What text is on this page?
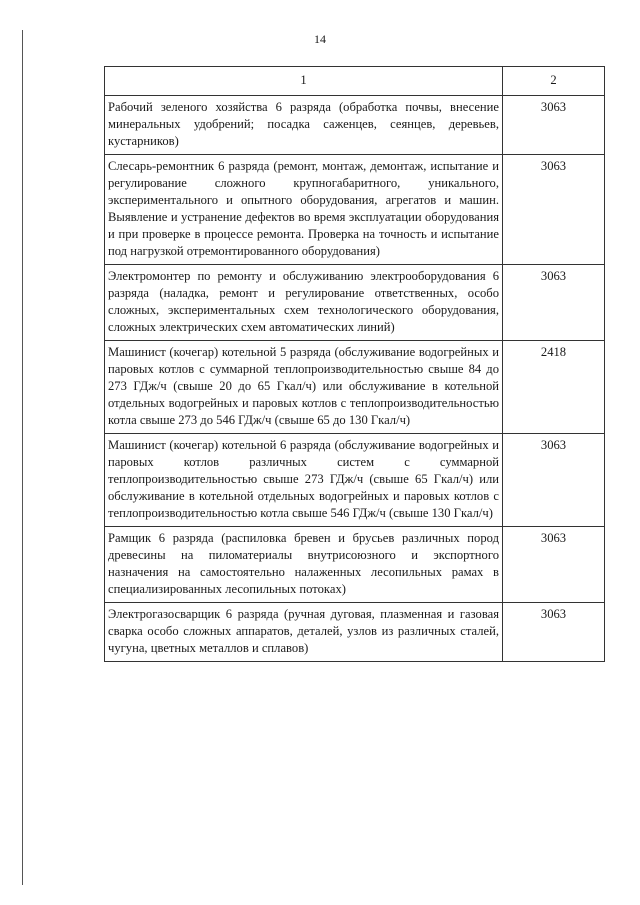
14
1	2
Рабочий зеленого хозяйства 6 разряда (обработка почвы, внесение минеральных удобрений; посадка саженцев, сеянцев, деревьев, кустарников)	3063
Слесарь-ремонтник 6 разряда (ремонт, монтаж, демонтаж, испытание и регулирование сложного крупногабаритного, уникального, экспериментального и опытного оборудования, агрегатов и машин. Выявление и устранение дефектов во время эксплуатации оборудования и при проверке в процессе ремонта. Проверка на точность и испытание под нагрузкой отремонтированного оборудования)	3063
Электромонтер по ремонту и обслуживанию электрооборудования 6 разряда (наладка, ремонт и регулирование ответственных, особо сложных, экспериментальных схем технологического оборудования, сложных электрических схем автоматических линий)	3063
Машинист (кочегар) котельной 5 разряда (обслуживание водогрейных и паровых котлов с суммарной теплопроизводительностью свыше 84 до 273 ГДж/ч (свыше 20 до 65 Гкал/ч) или обслуживание в котельной отдельных водогрейных и паровых котлов с теплопроизводительностью котла свыше 273 до 546 ГДж/ч (свыше 65 до 130 Гкал/ч)	2418
Машинист (кочегар) котельной 6 разряда (обслуживание водогрейных и паровых котлов различных систем с суммарной теплопроизводительностью свыше 273 ГДж/ч (свыше 65 Гкал/ч) или обслуживание в котельной отдельных водогрейных и паровых котлов с теплопроизводительностью котла свыше 546 ГДж/ч (свыше 130 Гкал/ч)	3063
Рамщик 6 разряда (распиловка бревен и брусьев различных пород древесины на пиломатериалы внутрисоюзного и экспортного назначения на самостоятельно налаженных лесопильных рамах в специализированных лесопильных потоках)	3063
Электрогазосварщик 6 разряда (ручная дуговая, плазменная и газовая сварка особо сложных аппаратов, деталей, узлов из различных сталей, чугуна, цветных металлов и сплавов)	3063
